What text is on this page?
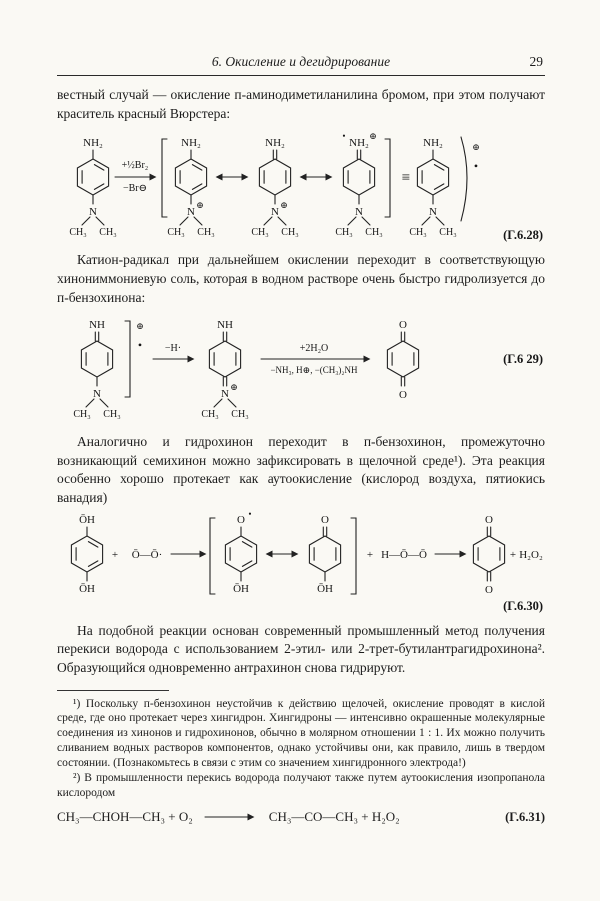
6. Окисление и дегидрирование	29

вестный случай — окисление п-аминодиметиланилина бромом, при этом получают краситель красный Вюрстера:

NH₂
N
CH₃ CH₃
+½Br₂
−Br⊖
NH₂
N
⊕
CH₃ CH₃
NH₂
N
⊕
CH₃ CH₃
•
NH₂
⊕
N
CH₃ CH₃
≡
NH₂
N
CH₃ CH₃
⊕
•
(Г.6.28)

Катион-радикал при дальнейшем окислении переходит в соответствующую хинониммониевую соль, которая в водном растворе очень быстро гидролизуется до п-бензохинона:

NH
N
CH₃ CH₃
⊕
• −H·
NH
N
⊕
CH₃ CH₃
+2H₂O
−NH₃, H⊕, −(CH₃)₂NH
O
O
(Г.6 29)

Аналогично и гидрохинон переходит в п-бензохинон, промежуточно возникающий семихинон можно зафиксировать в щелочной среде¹). Эта реакция особенно хорошо протекает как аутоокисление (кислород воздуха, пятиокись ванадия)

ŌH
ŌH
+ Ō—Ō·
O •
ŌH
O
ŌH
+ H—Ō—Ō
O
O
+ H₂O₂
(Г.6.30)

На подобной реакции основан современный промышленный метод получения перекиси водорода с использованием 2-этил- или 2-трет-бутилантрагидрохинона². Образующийся одновременно антрахинон снова гидрируют.

¹) Поскольку п-бензохинон неустойчив к действию щелочей, окисление проводят в кислой среде, где оно протекает через хингидрон. Хингидроны — интенсивно окрашенные молекулярные соединения из хинонов и гидрохинонов, обычно в молярном отношении 1 : 1. Их можно получить сливанием водных растворов компонентов, однако устойчивы они, как правило, лишь в твердом состоянии. (Познакомьтесь в связи с этим со значением хингидронного электрода!)

²) В промышленности перекись водорода получают также путем аутоокисления изопропанола кислородом

CH₃—CHOH—CH₃ + O₂	CH₃—CO—CH₃ + H₂O₂	(Г.6.31)
